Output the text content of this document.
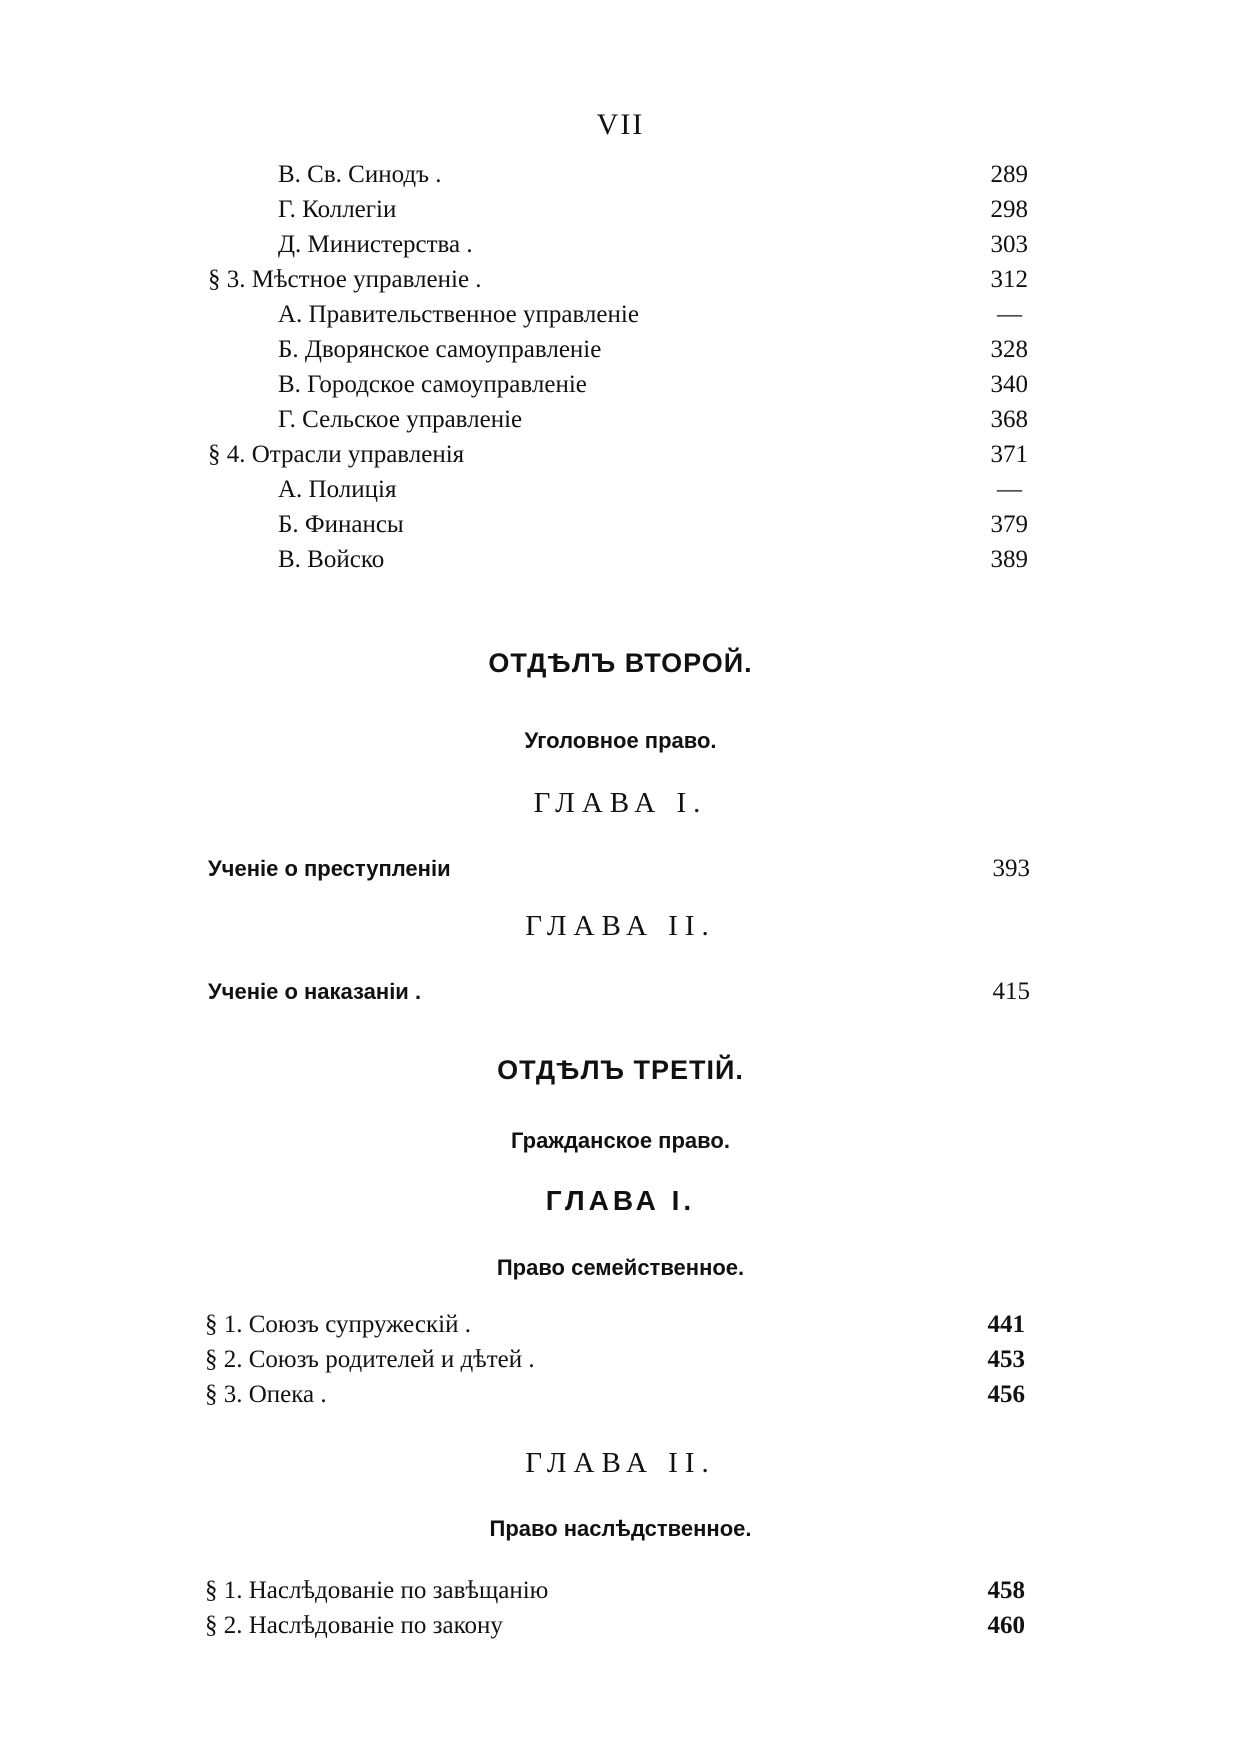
VII
В. Св. Синодъ .	289
Г. Коллегіи	298
Д. Министерства .	303
§ 3. Мѣстное управленіе .	312
А. Правительственное управленіе	—
Б. Дворянское самоуправленіе	328
В. Городское самоуправленіе	340
Г. Сельское управленіе	368
§ 4. Отрасли управленія	371
А. Полиція	—
Б. Финансы	379
В. Войско	389
ОТДѢЛЪ ВТОРОЙ.
Уголовное право.
ГЛАВА I.
Ученіе о преступленіи	393
ГЛАВА II.
Ученіе о наказаніи .	415
ОТДѢЛЪ ТРЕТІЙ.
Гражданское право.
ГЛАВА I.
Право семейственное.
§ 1. Союзъ супружескій .	441
§ 2. Союзъ родителей и дѣтей .	453
§ 3. Опека .	456
ГЛАВА II.
Право наслѣдственное.
§ 1. Наслѣдованіе по завѣщанію	458
§ 2. Наслѣдованіе по закону	460
